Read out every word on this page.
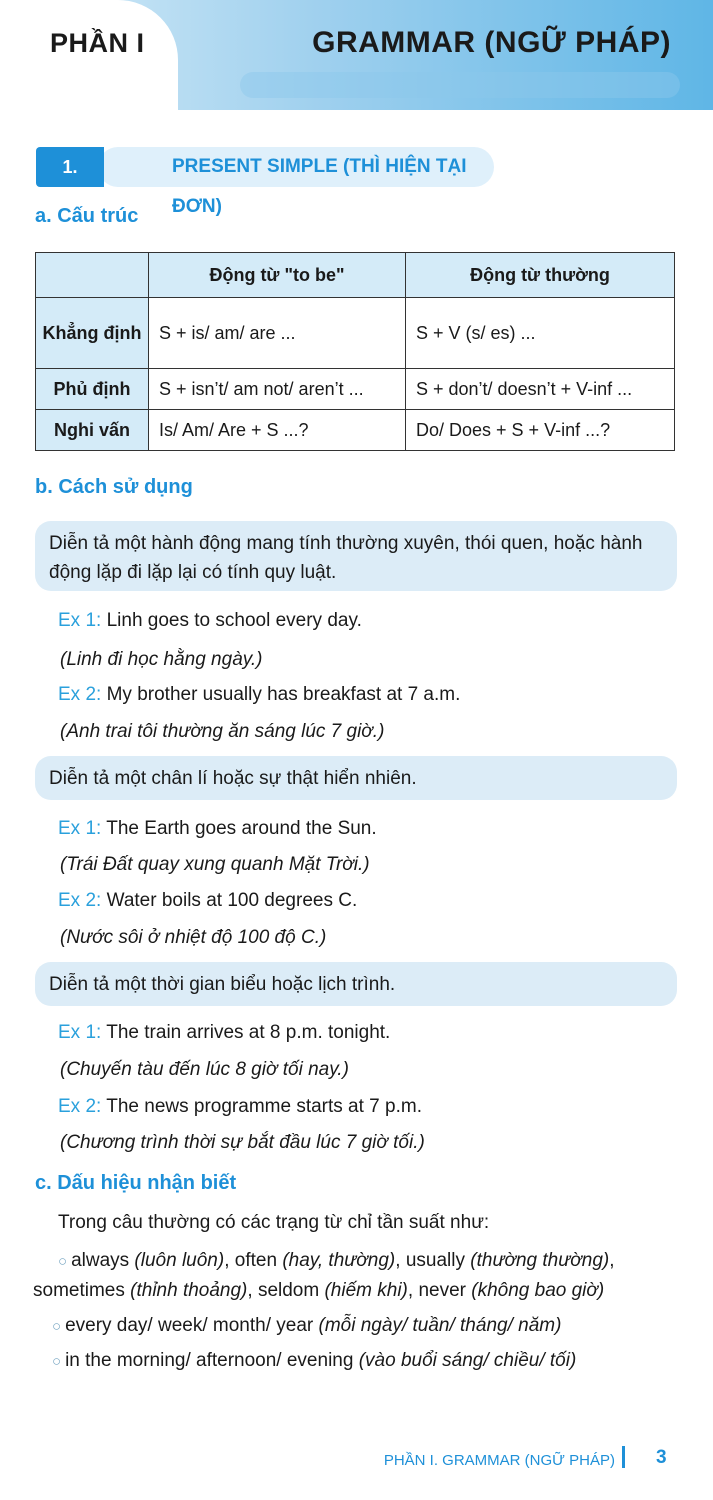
PHẦN I	GRAMMAR (NGỮ PHÁP)
PRESENT SIMPLE (THÌ HIỆN TẠI ĐƠN)
1.
a. Cấu trúc
	Động từ "to be"	Động từ thường
Khẳng định	S + is/ am/ are ...	S + V (s/ es) ...
Phủ định	S + isn’t/ am not/ aren’t ...	S + don’t/ doesn’t + V-inf ...
Nghi vấn	Is/ Am/ Are + S ...?	Do/ Does + S + V-inf ...?
b. Cách sử dụng
Diễn tả một hành động mang tính thường xuyên, thói quen, hoặc hành động lặp đi lặp lại có tính quy luật.
Ex 1: Linh goes to school every day.
(Linh đi học hằng ngày.)
Ex 2: My brother usually has breakfast at 7 a.m.
(Anh trai tôi thường ăn sáng lúc 7 giờ.)
Diễn tả một chân lí hoặc sự thật hiển nhiên.
Ex 1: The Earth goes around the Sun.
(Trái Đất quay xung quanh Mặt Trời.)
Ex 2: Water boils at 100 degrees C.
(Nước sôi ở nhiệt độ 100 độ C.)
Diễn tả một thời gian biểu hoặc lịch trình.
Ex 1: The train arrives at 8 p.m. tonight.
(Chuyến tàu đến lúc 8 giờ tối nay.)
Ex 2: The news programme starts at 7 p.m.
(Chương trình thời sự bắt đầu lúc 7 giờ tối.)
c. Dấu hiệu nhận biết
Trong câu thường có các trạng từ chỉ tần suất như:
○ always (luôn luôn), often (hay, thường), usually (thường thường),
sometimes (thỉnh thoảng), seldom (hiếm khi), never (không bao giờ)
○ every day/ week/ month/ year (mỗi ngày/ tuần/ tháng/ năm)
○ in the morning/ afternoon/ evening (vào buổi sáng/ chiều/ tối)
PHẦN I. GRAMMAR (NGỮ PHÁP) 3
